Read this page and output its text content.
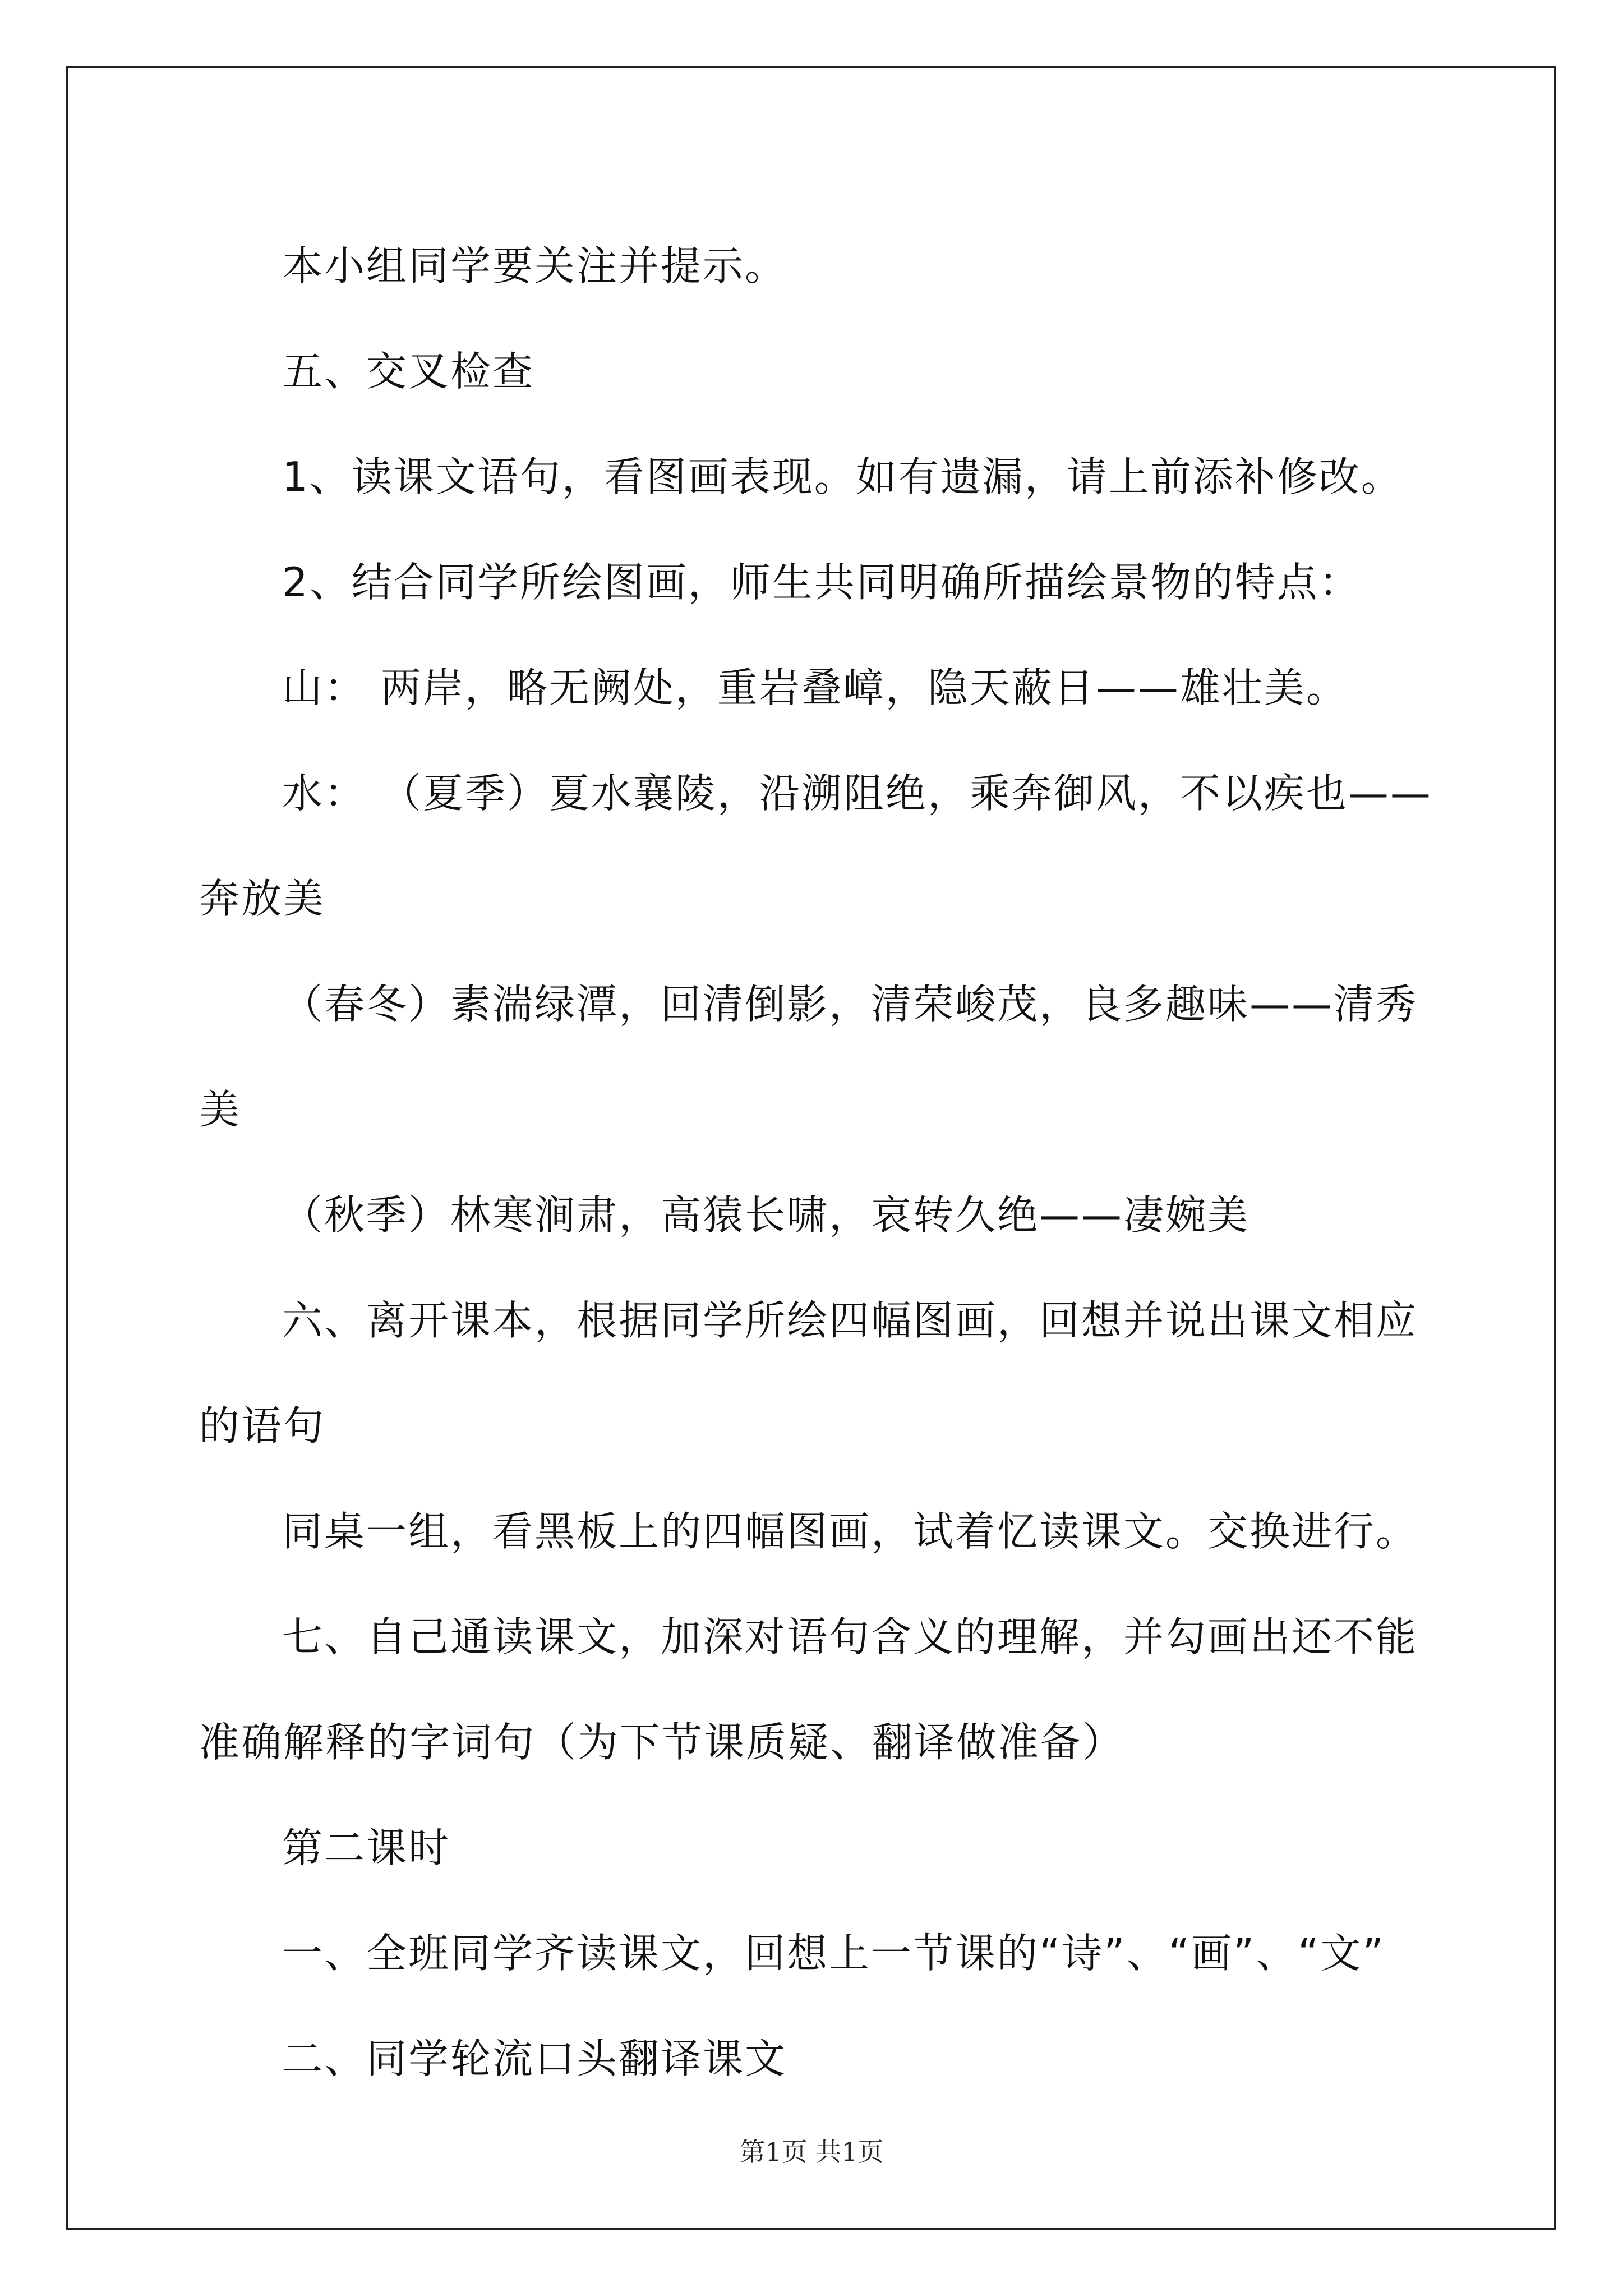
本小组同学要关注并提示。

五、交叉检查

1、读课文语句，看图画表现。如有遗漏，请上前添补修改。

2、结合同学所绘图画，师生共同明确所描绘景物的特点：

山： 两岸，略无阙处，重岩叠嶂，隐天蔽日——雄壮美。

水： （夏季）夏水襄陵，沿溯阻绝，乘奔御风，不以疾也——奔放美

（春冬）素湍绿潭，回清倒影，清荣峻茂，良多趣味——清秀美

（秋季）林寒涧肃，高猿长啸，哀转久绝——凄婉美

六、离开课本，根据同学所绘四幅图画，回想并说出课文相应的语句

同桌一组，看黑板上的四幅图画，试着忆读课文。交换进行。

七、自己通读课文，加深对语句含义的理解，并勾画出还不能准确解释的字词句（为下节课质疑、翻译做准备）

第二课时

一、全班同学齐读课文，回想上一节课的“诗”、“画”、“文”

二、同学轮流口头翻译课文

第1页 共1页
